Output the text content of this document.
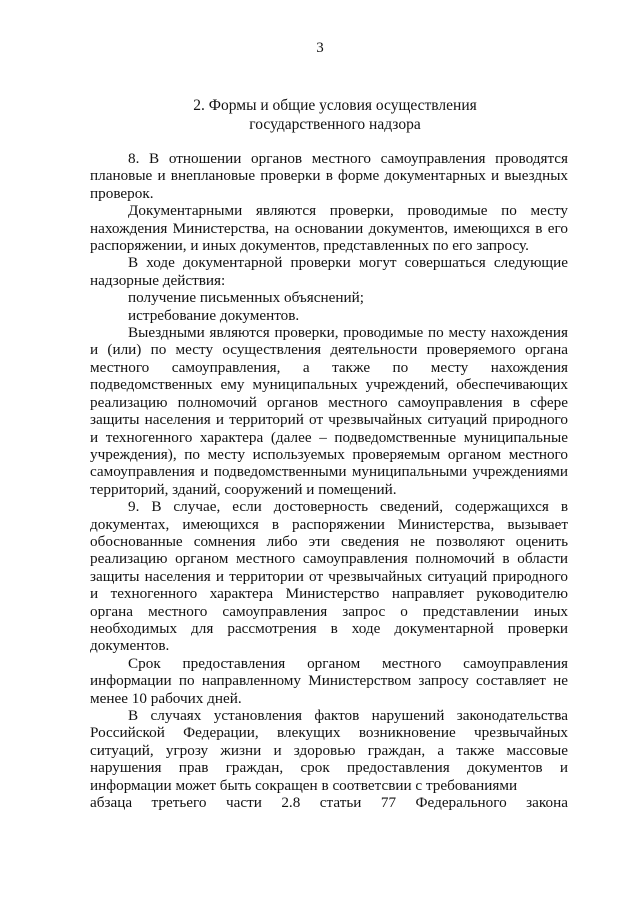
3
2. Формы и общие условия осуществления
государственного надзора

8. В отношении органов местного самоуправления проводятся плановые и внеплановые проверки в форме документарных и выездных проверок.

Документарными являются проверки, проводимые по месту нахождения Министерства, на основании документов, имеющихся в его распоряжении, и иных документов, представленных по его запросу.

В ходе документарной проверки могут совершаться следующие надзорные действия:

получение письменных объяснений;

истребование документов.

Выездными являются проверки, проводимые по месту нахождения и (или) по месту осуществления деятельности проверяемого органа местного самоуправления, а также по месту нахождения подведомственных ему муниципальных учреждений, обеспечивающих реализацию полномочий органов местного самоуправления в сфере защиты населения и территорий от чрезвычайных ситуаций природного и техногенного характера (далее – подведомственные муниципальные учреждения), по месту используемых проверяемым органом местного самоуправления и подведомственными муниципальными учреждениями территорий, зданий, сооружений и помещений.

9. В случае, если достоверность сведений, содержащихся в документах, имеющихся в распоряжении Министерства, вызывает обоснованные сомнения либо эти сведения не позволяют оценить реализацию органом местного самоуправления полномочий в области защиты населения и территории от чрезвычайных ситуаций природного и техногенного характера Министерство направляет руководителю органа местного самоуправления запрос о представлении иных необходимых для рассмотрения в ходе документарной проверки документов.

Срок предоставления органом местного самоуправления информации по направленному Министерством запросу составляет не менее 10 рабочих дней.

В случаях установления фактов нарушений законодательства Российской Федерации, влекущих возникновение чрезвычайных ситуаций, угрозу жизни и здоровью граждан, а также массовые нарушения прав граждан, срок предоставления документов и информации может быть сокращен в соответсвии с требованиями

абзаца третьего части 2.8 статьи 77 Федерального закона
